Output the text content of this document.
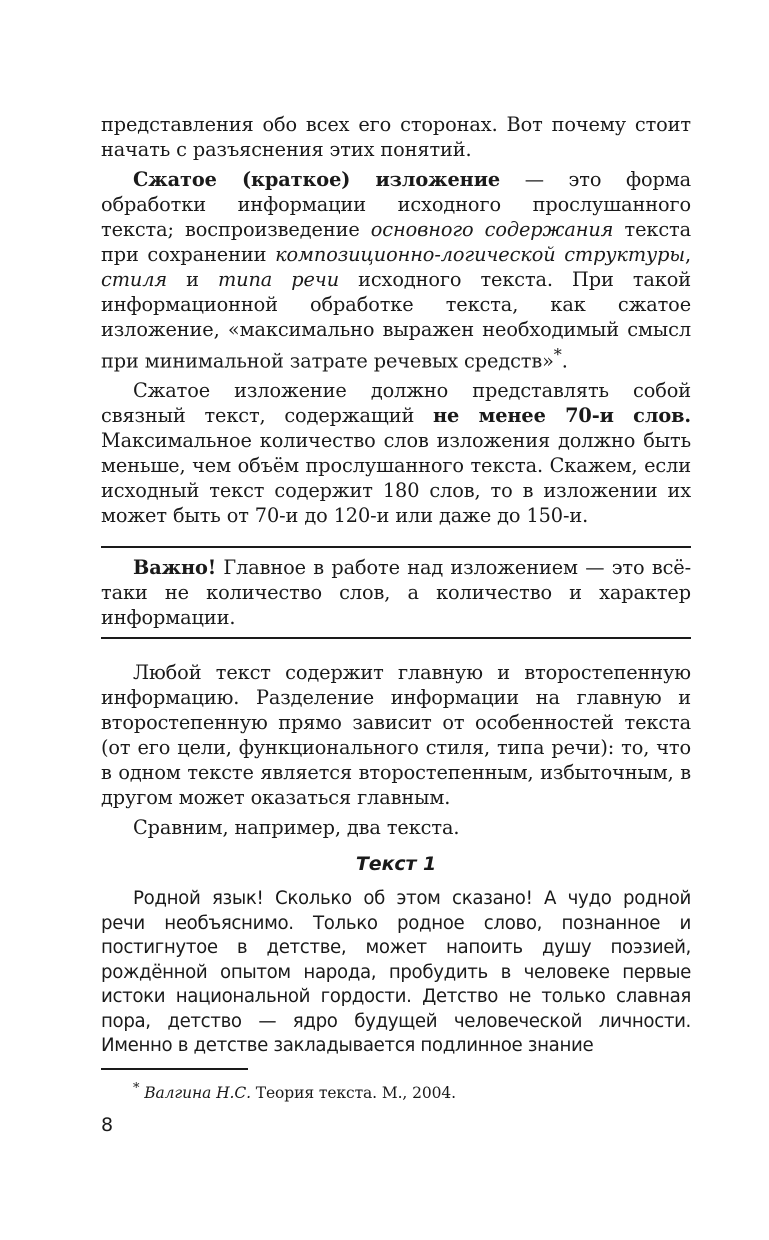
представления обо всех его сторонах. Вот почему стоит начать с разъяснения этих понятий.

Сжатое (краткое) изложение — это форма обработки информации исходного прослушанного текста; воспроизведение основного содержания текста при сохранении композиционно-логической структуры, стиля и типа речи исходного текста. При такой информационной обработке текста, как сжатое изложение, «максимально выражен необходимый смысл при минимальной затрате речевых средств»*.

Сжатое изложение должно представлять собой связный текст, содержащий не менее 70-и слов. Максимальное количество слов изложения должно быть меньше, чем объём прослушанного текста. Скажем, если исходный текст содержит 180 слов, то в изложении их может быть от 70-и до 120-и или даже до 150-и.

Важно! Главное в работе над изложением — это всё-таки не количество слов, а количество и характер информации.

Любой текст содержит главную и второстепенную информацию. Разделение информации на главную и второстепенную прямо зависит от особенностей текста (от его цели, функционального стиля, типа речи): то, что в одном тексте является второстепенным, избыточным, в другом может оказаться главным.

Сравним, например, два текста.

Текст 1

Родной язык! Сколько об этом сказано! А чудо родной речи необъяснимо. Только родное слово, познанное и постигнутое в детстве, может напоить душу поэзией, рождённой опытом народа, пробудить в человеке первые истоки национальной гордости. Детство не только славная пора, детство — ядро будущей человеческой личности. Именно в детстве закладывается подлинное знание

* Валгина Н.С. Теория текста. М., 2004.
8
